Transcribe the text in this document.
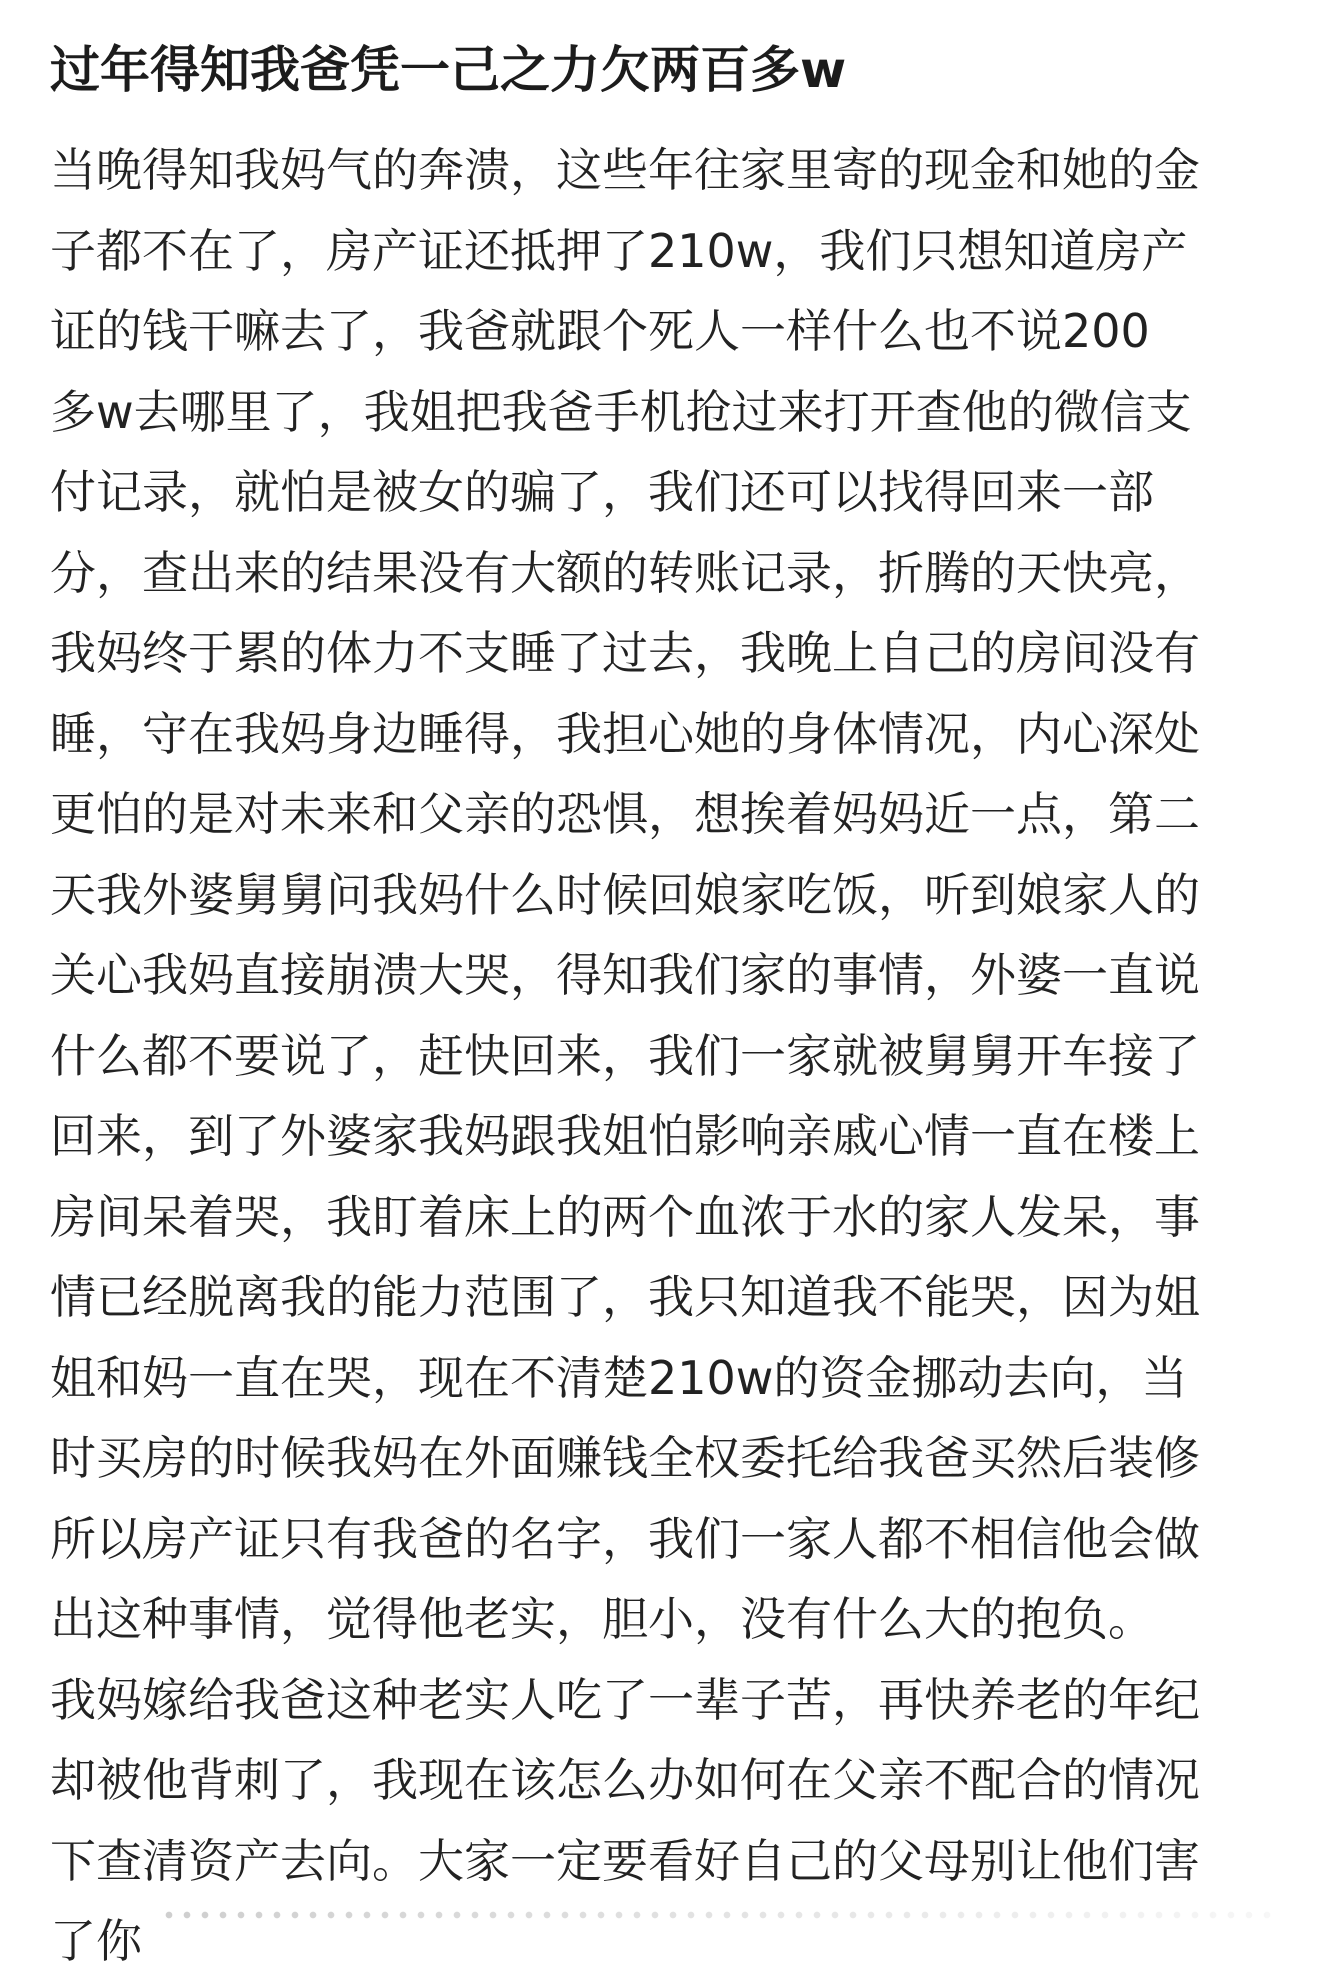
过年得知我爸凭一己之力欠两百多w
当晚得知我妈气的奔溃，这些年往家里寄的现金和她的金
子都不在了，房产证还抵押了210w，我们只想知道房产
证的钱干嘛去了，我爸就跟个死人一样什么也不说200
多w去哪里了，我姐把我爸手机抢过来打开查他的微信支
付记录，就怕是被女的骗了，我们还可以找得回来一部
分，查出来的结果没有大额的转账记录，折腾的天快亮，
我妈终于累的体力不支睡了过去，我晚上自己的房间没有
睡，守在我妈身边睡得，我担心她的身体情况，内心深处
更怕的是对未来和父亲的恐惧，想挨着妈妈近一点，第二
天我外婆舅舅问我妈什么时候回娘家吃饭，听到娘家人的
关心我妈直接崩溃大哭，得知我们家的事情，外婆一直说
什么都不要说了，赶快回来，我们一家就被舅舅开车接了
回来，到了外婆家我妈跟我姐怕影响亲戚心情一直在楼上
房间呆着哭，我盯着床上的两个血浓于水的家人发呆，事
情已经脱离我的能力范围了，我只知道我不能哭，因为姐
姐和妈一直在哭，现在不清楚210w的资金挪动去向，当
时买房的时候我妈在外面赚钱全权委托给我爸买然后装修
所以房产证只有我爸的名字，我们一家人都不相信他会做
出这种事情，觉得他老实，胆小，没有什么大的抱负。
我妈嫁给我爸这种老实人吃了一辈子苦，再快养老的年纪
却被他背刺了，我现在该怎么办如何在父亲不配合的情况
下查清资产去向。大家一定要看好自己的父母别让他们害
了你
